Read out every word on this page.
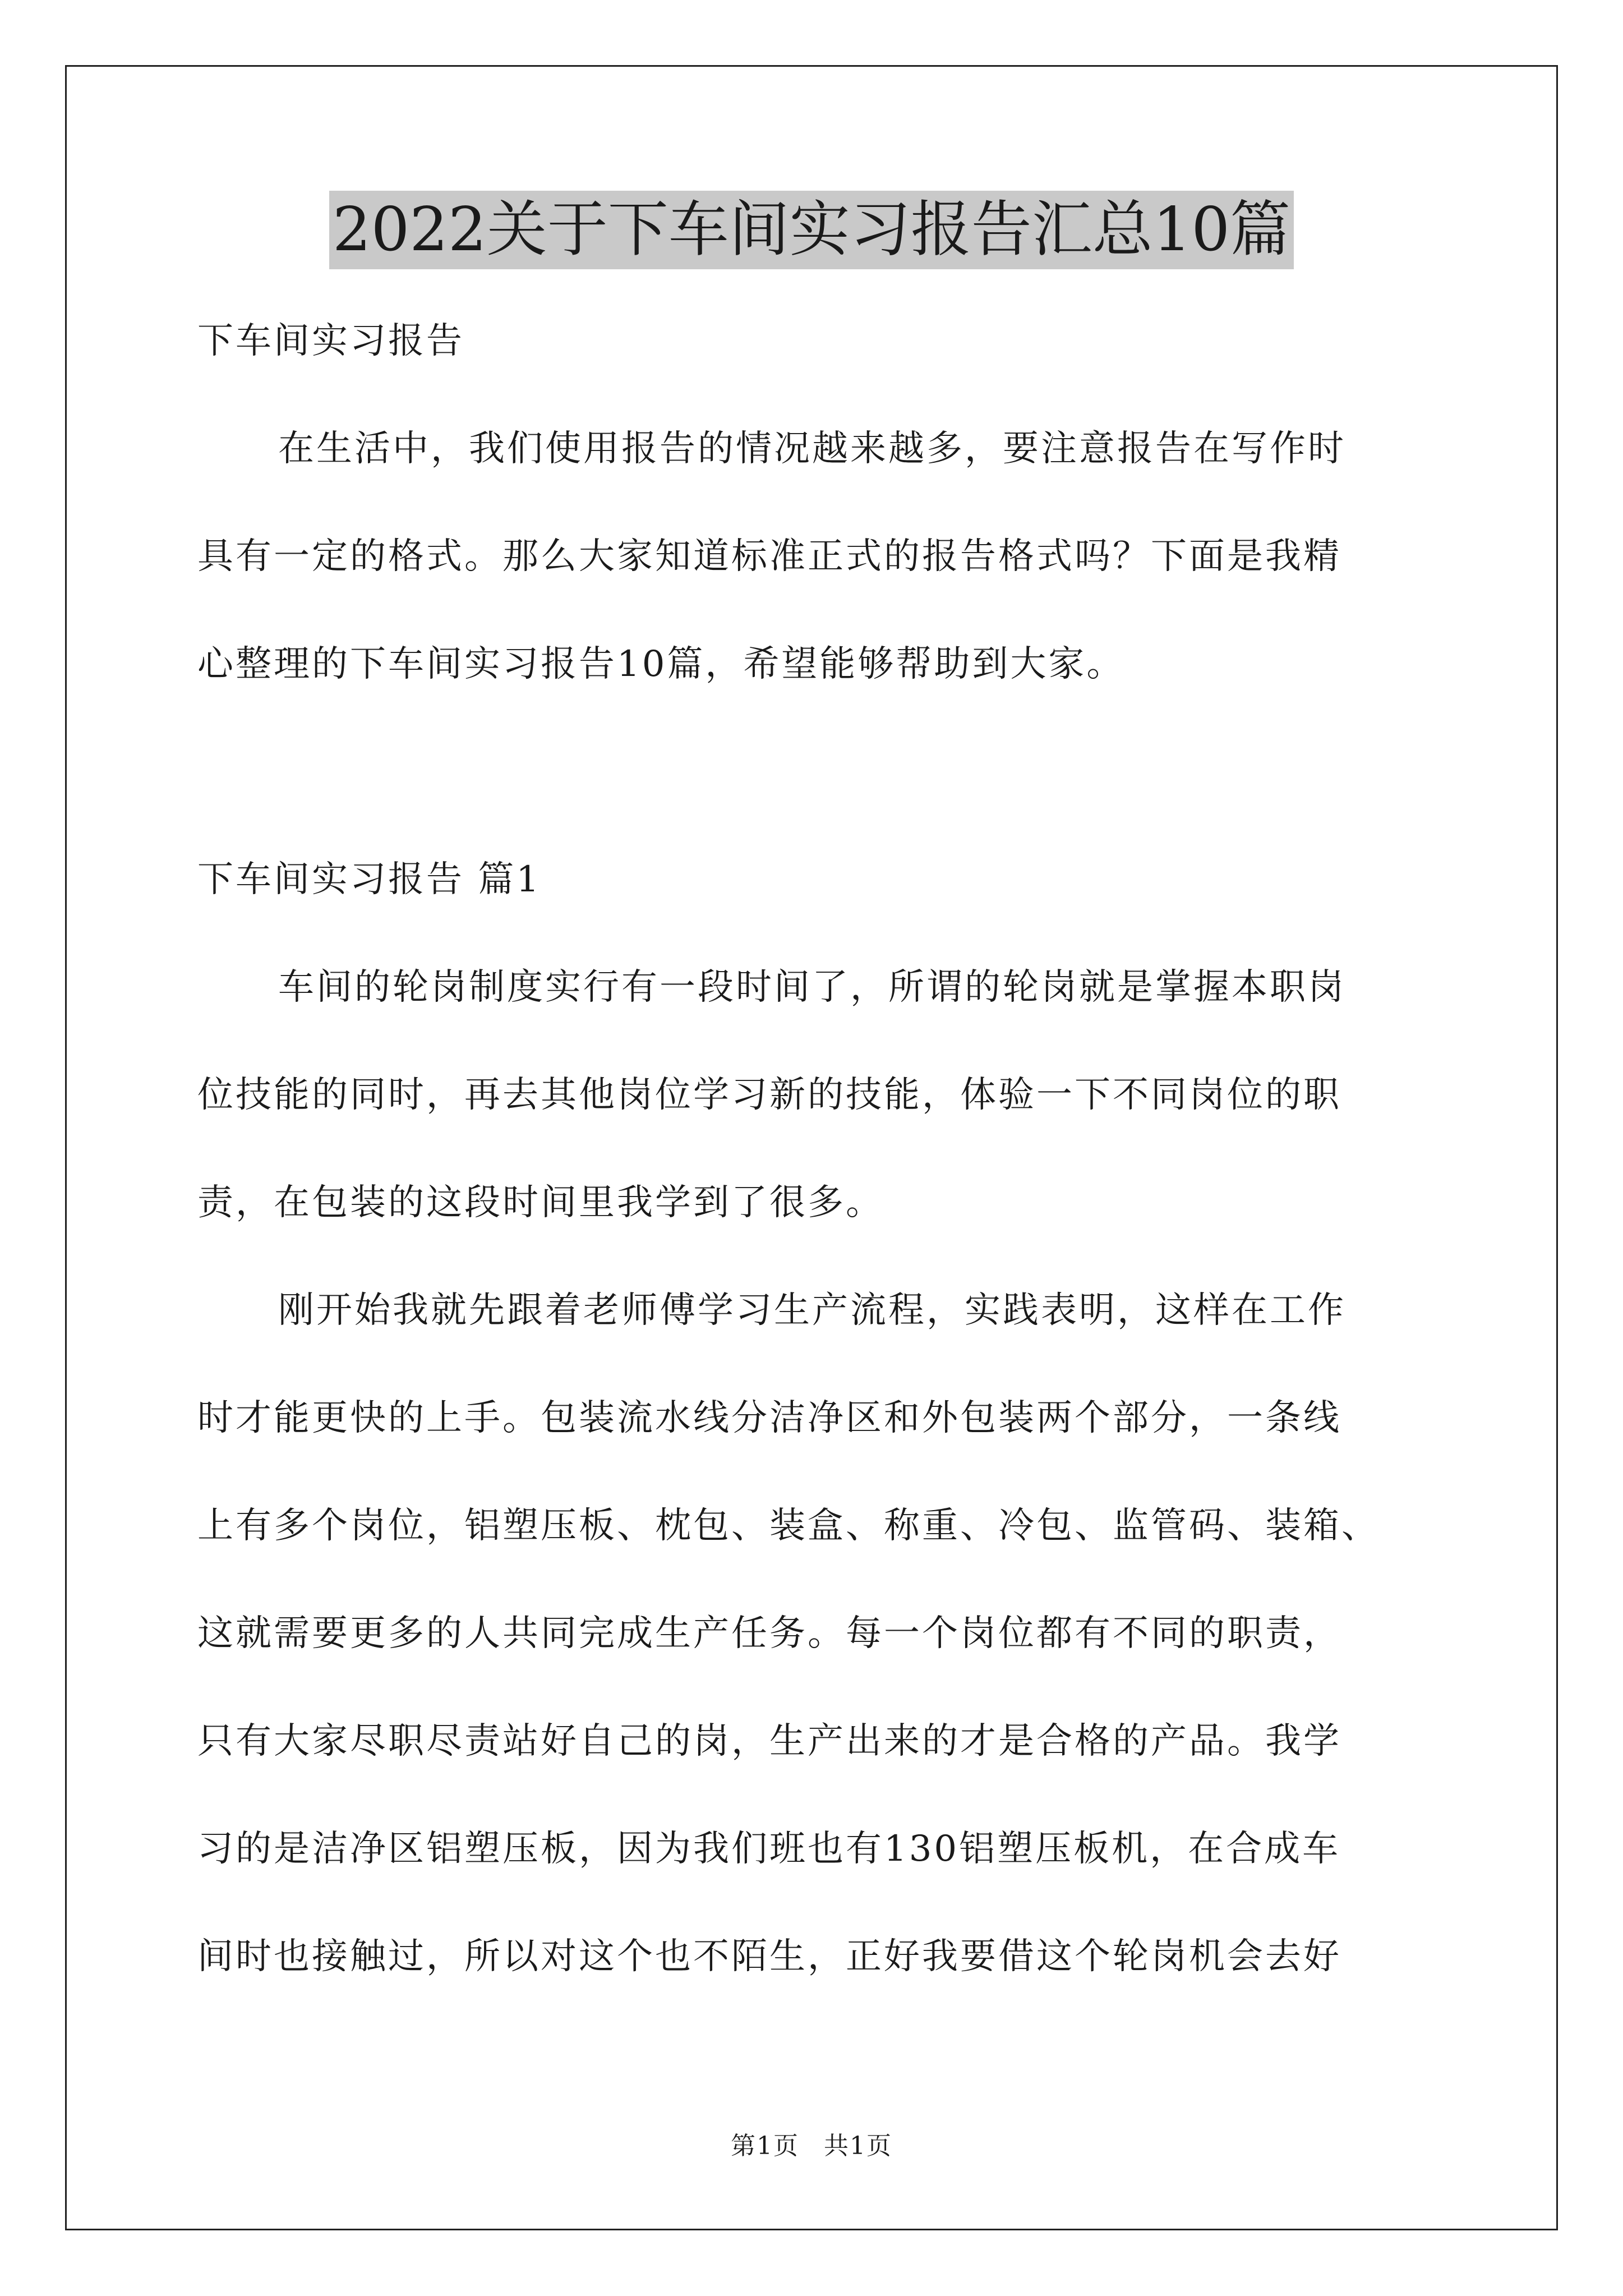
2022关于下车间实习报告汇总10篇
下车间实习报告
在生活中，我们使用报告的情况越来越多，要注意报告在写作时
具有一定的格式。那么大家知道标准正式的报告格式吗？下面是我精
心整理的下车间实习报告10篇，希望能够帮助到大家。
下车间实习报告 篇1
车间的轮岗制度实行有一段时间了，所谓的轮岗就是掌握本职岗
位技能的同时，再去其他岗位学习新的技能，体验一下不同岗位的职
责，在包装的这段时间里我学到了很多。
刚开始我就先跟着老师傅学习生产流程，实践表明，这样在工作
时才能更快的上手。包装流水线分洁净区和外包装两个部分，一条线
上有多个岗位，铝塑压板、枕包、装盒、称重、冷包、监管码、装箱、
这就需要更多的人共同完成生产任务。每一个岗位都有不同的职责，
只有大家尽职尽责站好自己的岗，生产出来的才是合格的产品。我学
习的是洁净区铝塑压板，因为我们班也有130铝塑压板机，在合成车
间时也接触过，所以对这个也不陌生，正好我要借这个轮岗机会去好
第1页 共1页
